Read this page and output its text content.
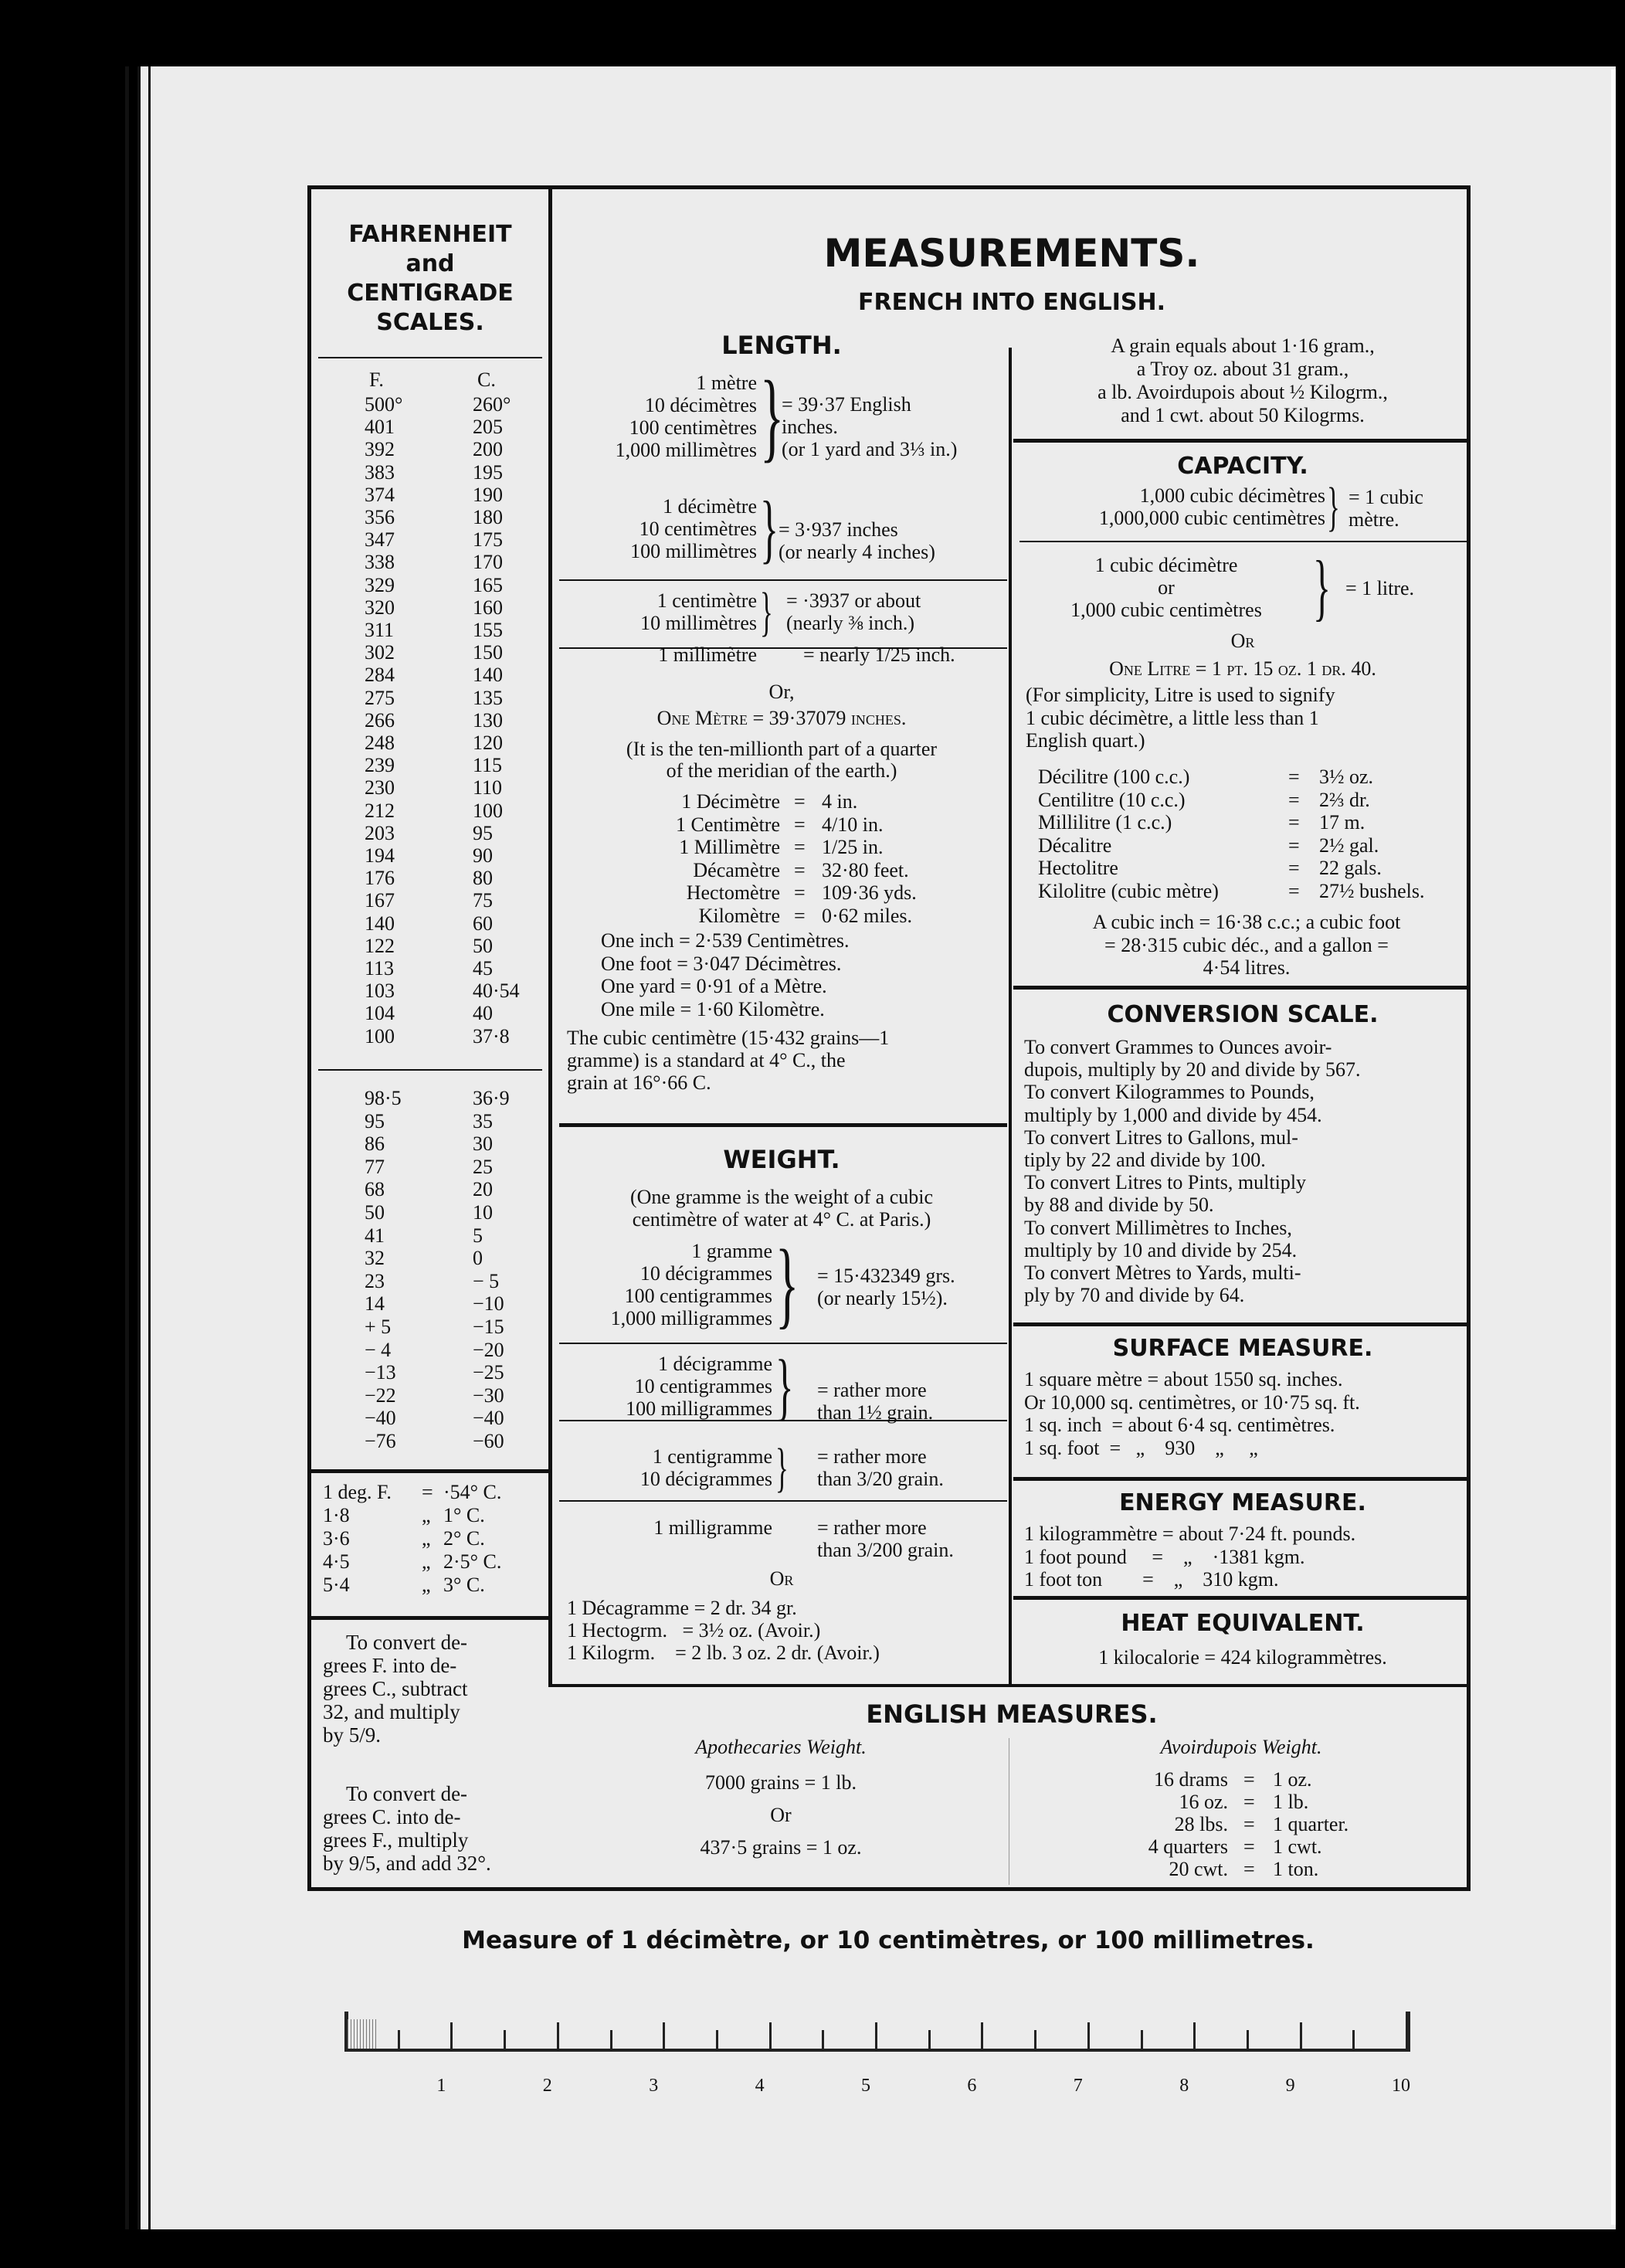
FAHRENHEIT
and
CENTIGRADE
SCALES.
F.	C.
500°	260°
401	205
392	200
383	195
374	190
356	180
347	175
338	170
329	165
320	160
311	155
302	150
284	140
275	135
266	130
248	120
239	115
230	110
212	100
203	95
194	90
176	80
167	75
140	60
122	50
113	45
103	40·54
104	40
100	37·8
98·5	36·9
95	35
86	30
77	25
68	20
50	10
41	5
32	0
23	− 5
14	−10
+ 5	−15
− 4	−20
−13	−25
−22	−30
−40	−40
−76	−60
1 deg. F. = ·54° C.
1·8	„ 1° C.
3·6	„ 2° C.
4·5	„ 2·5° C.
5·4	„ 3° C.
To convert de-
grees F. into de-
grees C., subtract
32, and multiply
by 5/9.
To convert de-
grees C. into de-
grees F., multiply
by 9/5, and add 32°.
MEASUREMENTS.
FRENCH INTO ENGLISH.
LENGTH.
Or,
One Mètre = 39·37079 inches.
(It is the ten-millionth part of a quarter
of the meridian of the earth.)
WEIGHT.
Or
CAPACITY.
Or
One Litre = 1 pt. 15 oz. 1 dr. 40.
CONVERSION SCALE.
SURFACE MEASURE.
ENERGY MEASURE.
HEAT EQUIVALENT.
1 kilocalorie = 424 kilogrammètres.
ENGLISH MEASURES.
Apothecaries Weight.
7000 grains = 1 lb.
Or
437·5 grains = 1 oz.
Avoirdupois Weight.
16 drams = 1 oz.
16 oz. = 1 lb.
28 lbs. = 1 quarter.
4 quarters = 1 cwt.
20 cwt. = 1 ton.
Measure of 1 décimètre, or 10 centimètres, or 100 millimetres.
1	2	3	4	5	6	7	8	9	10
1 mètre
10 décimètres
100 centimètres
1,000 millimètres }
= 39·37 English
inches.
(or 1 yard and 3⅓ in.)
1 décimètre
10 centimètres
100 millimètres } = 3·937 inches
(or nearly 4 inches)
1 centimètre
10 millimètres } = ·3937 or about
(nearly ⅜ inch.)
1 millimètre = nearly 1/25 inch.
1 Décimètre = 4 in.
1 Centimètre = 4/10 in.
1 Millimètre = 1/25 in.
Décamètre = 32·80 feet.
Hectomètre = 109·36 yds.
Kilomètre = 0·62 miles.
One inch = 2·539 Centimètres.
One foot = 3·047 Décimètres.
One yard = 0·91 of a Mètre.
One mile = 1·60 Kilomètre.
The cubic centimètre (15·432 grains—1
gramme) is a standard at 4° C., the
grain at 16°·66 C.
(One gramme is the weight of a cubic
centimètre of water at 4° C. at Paris.)
1 gramme
10 décigrammes
100 centigrammes
1,000 milligrammes } = 15·432349 grs.
(or nearly 15½).
1 décigramme
10 centigrammes
100 milligrammes } = rather more
than 1½ grain.
1 centigramme
10 décigrammes } = rather more
than 3/20 grain.
1 milligramme = rather more
than 3/200 grain.
1 Décagramme = 2 dr. 34 gr.
1 Hectogrm.   = 3½ oz. (Avoir.)
1 Kilogrm.    = 2 lb. 3 oz. 2 dr. (Avoir.)
A grain equals about 1·16 gram.,
a Troy oz. about 31 gram.,
a lb. Avoirdupois about ½ Kilogrm.,
and 1 cwt. about 50 Kilogrms.
1,000 cubic décimètres
1,000,000 cubic centimètres } = 1 cubic
mètre.
1 cubic décimètre
or
1,000 cubic centimètres } = 1 litre.
(For simplicity, Litre is used to signify
1 cubic décimètre, a little less than 1
English quart.)
Décilitre (100 c.c.)	= 3½ oz.
Centilitre (10 c.c.)	= 2⅔ dr.
Millilitre (1 c.c.)	= 17 m.
Décalitre	= 2½ gal.
Hectolitre	= 22 gals.
Kilolitre (cubic mètre)	= 27½ bushels.
A cubic inch = 16·38 c.c.; a cubic foot
= 28·315 cubic déc., and a gallon =
4·54 litres.
To convert Grammes to Ounces avoir-
dupois, multiply by 20 and divide by 567.
To convert Kilogrammes to Pounds,
multiply by 1,000 and divide by 454.
To convert Litres to Gallons, mul-
tiply by 22 and divide by 100.
To convert Litres to Pints, multiply
by 88 and divide by 50.
To convert Millimètres to Inches,
multiply by 10 and divide by 254.
To convert Mètres to Yards, multi-
ply by 70 and divide by 64.
1 square mètre = about 1550 sq. inches.
Or 10,000 sq. centimètres, or 10·75 sq. ft.
1 sq. inch  = about 6·4 sq. centimètres.
1 sq. foot  =   „    930    „     „
1 kilogrammètre = about 7·24 ft. pounds.
1 foot pound     =    „    ·1381 kgm.
1 foot ton        =    „    310 kgm.
